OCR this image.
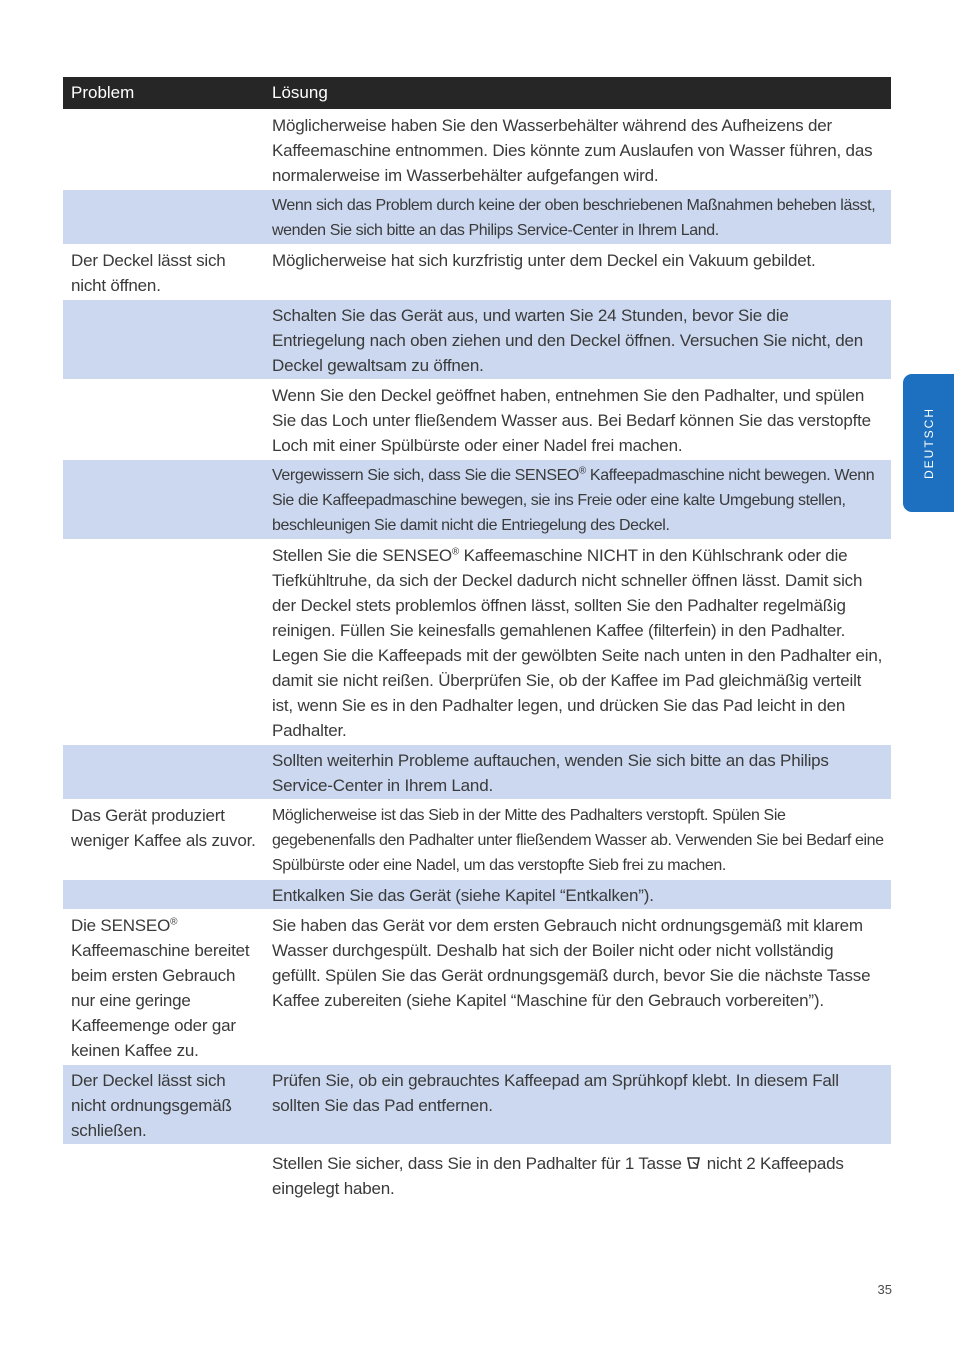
Problem	Lösung
	Möglicherweise haben Sie den Wasserbehälter während des Aufheizens der Kaffeemaschine entnommen. Dies könnte zum Auslaufen von Wasser führen, das normalerweise im Wasserbehälter aufgefangen wird.
	Wenn sich das Problem durch keine der oben beschriebenen Maßnahmen beheben lässt, wenden Sie sich bitte an das Philips Service-Center in Ihrem Land.
Der Deckel lässt sich nicht öffnen.	Möglicherweise hat sich kurzfristig unter dem Deckel ein Vakuum gebildet.
	Schalten Sie das Gerät aus, und warten Sie 24 Stunden, bevor Sie die Entriegelung nach oben ziehen und den Deckel öffnen. Versuchen Sie nicht, den Deckel gewaltsam zu öffnen.
	Wenn Sie den Deckel geöffnet haben, entnehmen Sie den Padhalter, und spülen Sie das Loch unter fließendem Wasser aus. Bei Bedarf können Sie das verstopfte Loch mit einer Spülbürste oder einer Nadel frei machen.
	Vergewissern Sie sich, dass Sie die SENSEO® Kaffeepadmaschine nicht bewegen. Wenn Sie die Kaffeepadmaschine bewegen, sie ins Freie oder eine kalte Umgebung stellen, beschleunigen Sie damit nicht die Entriegelung des Deckel.
	Stellen Sie die SENSEO® Kaffeemaschine NICHT in den Kühlschrank oder die Tiefkühltruhe, da sich der Deckel dadurch nicht schneller öffnen lässt. Damit sich der Deckel stets problemlos öffnen lässt, sollten Sie den Padhalter regelmäßig reinigen. Füllen Sie keinesfalls gemahlenen Kaffee (filterfein) in den Padhalter. Legen Sie die Kaffeepads mit der gewölbten Seite nach unten in den Padhalter ein, damit sie nicht reißen. Überprüfen Sie, ob der Kaffee im Pad gleichmäßig verteilt ist, wenn Sie es in den Padhalter legen, und drücken Sie das Pad leicht in den Padhalter.
	Sollten weiterhin Probleme auftauchen, wenden Sie sich bitte an das Philips Service-Center in Ihrem Land.
Das Gerät produziert weniger Kaffee als zuvor.	Möglicherweise ist das Sieb in der Mitte des Padhalters verstopft. Spülen Sie gegebenenfalls den Padhalter unter fließendem Wasser ab. Verwenden Sie bei Bedarf eine Spülbürste oder eine Nadel, um das verstopfte Sieb frei zu machen.
	Entkalken Sie das Gerät (siehe Kapitel “Entkalken”).
Die SENSEO® Kaffeemaschine bereitet beim ersten Gebrauch nur eine geringe Kaffeemenge oder gar keinen Kaffee zu.	Sie haben das Gerät vor dem ersten Gebrauch nicht ordnungsgemäß mit klarem Wasser durchgespült. Deshalb hat sich der Boiler nicht oder nicht vollständig gefüllt. Spülen Sie das Gerät ordnungsgemäß durch, bevor Sie die nächste Tasse Kaffee zubereiten (siehe Kapitel “Maschine für den Gebrauch vorbereiten”).
Der Deckel lässt sich nicht ordnungsgemäß schließen.	Prüfen Sie, ob ein gebrauchtes Kaffeepad am Sprühkopf klebt. In diesem Fall sollten Sie das Pad entfernen.
	Stellen Sie sicher, dass Sie in den Padhalter für 1 Tasse  nicht 2 Kaffeepads eingelegt haben.
DEUTSCH
35
